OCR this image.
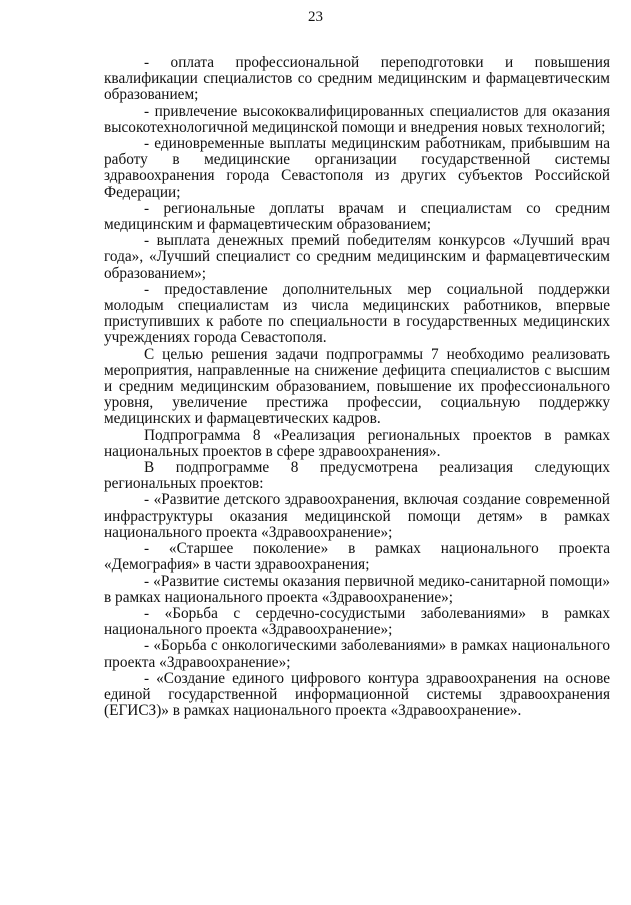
23

- оплата профессиональной переподготовки и повышения квалификации специалистов со средним медицинским и фармацевтическим образованием;

- привлечение высококвалифицированных специалистов для оказания высокотехнологичной медицинской помощи и внедрения новых технологий;

- единовременные выплаты медицинским работникам, прибывшим на работу в медицинские организации государственной системы здравоохранения города Севастополя из других субъектов Российской Федерации;

- региональные доплаты врачам и специалистам со средним медицинским и фармацевтическим образованием;

- выплата денежных премий победителям конкурсов «Лучший врач года», «Лучший специалист со средним медицинским и фармацевтическим образованием»;

- предоставление дополнительных мер социальной поддержки молодым специалистам из числа медицинских работников, впервые приступивших к работе по специальности в государственных медицинских учреждениях города Севастополя.

С целью решения задачи подпрограммы 7 необходимо реализовать мероприятия, направленные на снижение дефицита специалистов с высшим и средним медицинским образованием, повышение их профессионального уровня, увеличение престижа профессии, социальную поддержку медицинских и фармацевтических кадров.

Подпрограмма 8 «Реализация региональных проектов в рамках национальных проектов в сфере здравоохранения».

В подпрограмме 8 предусмотрена реализация следующих региональных проектов:

- «Развитие детского здравоохранения, включая создание современной инфраструктуры оказания медицинской помощи детям» в рамках национального проекта «Здравоохранение»;

- «Старшее поколение» в рамках национального проекта «Демография» в части здравоохранения;

- «Развитие системы оказания первичной медико-санитарной помощи» в рамках национального проекта «Здравоохранение»;

- «Борьба с сердечно-сосудистыми заболеваниями» в рамках национального проекта «Здравоохранение»;

- «Борьба с онкологическими заболеваниями» в рамках национального проекта «Здравоохранение»;

- «Создание единого цифрового контура здравоохранения на основе единой государственной информационной системы здравоохранения (ЕГИСЗ)» в рамках национального проекта «Здравоохранение».
